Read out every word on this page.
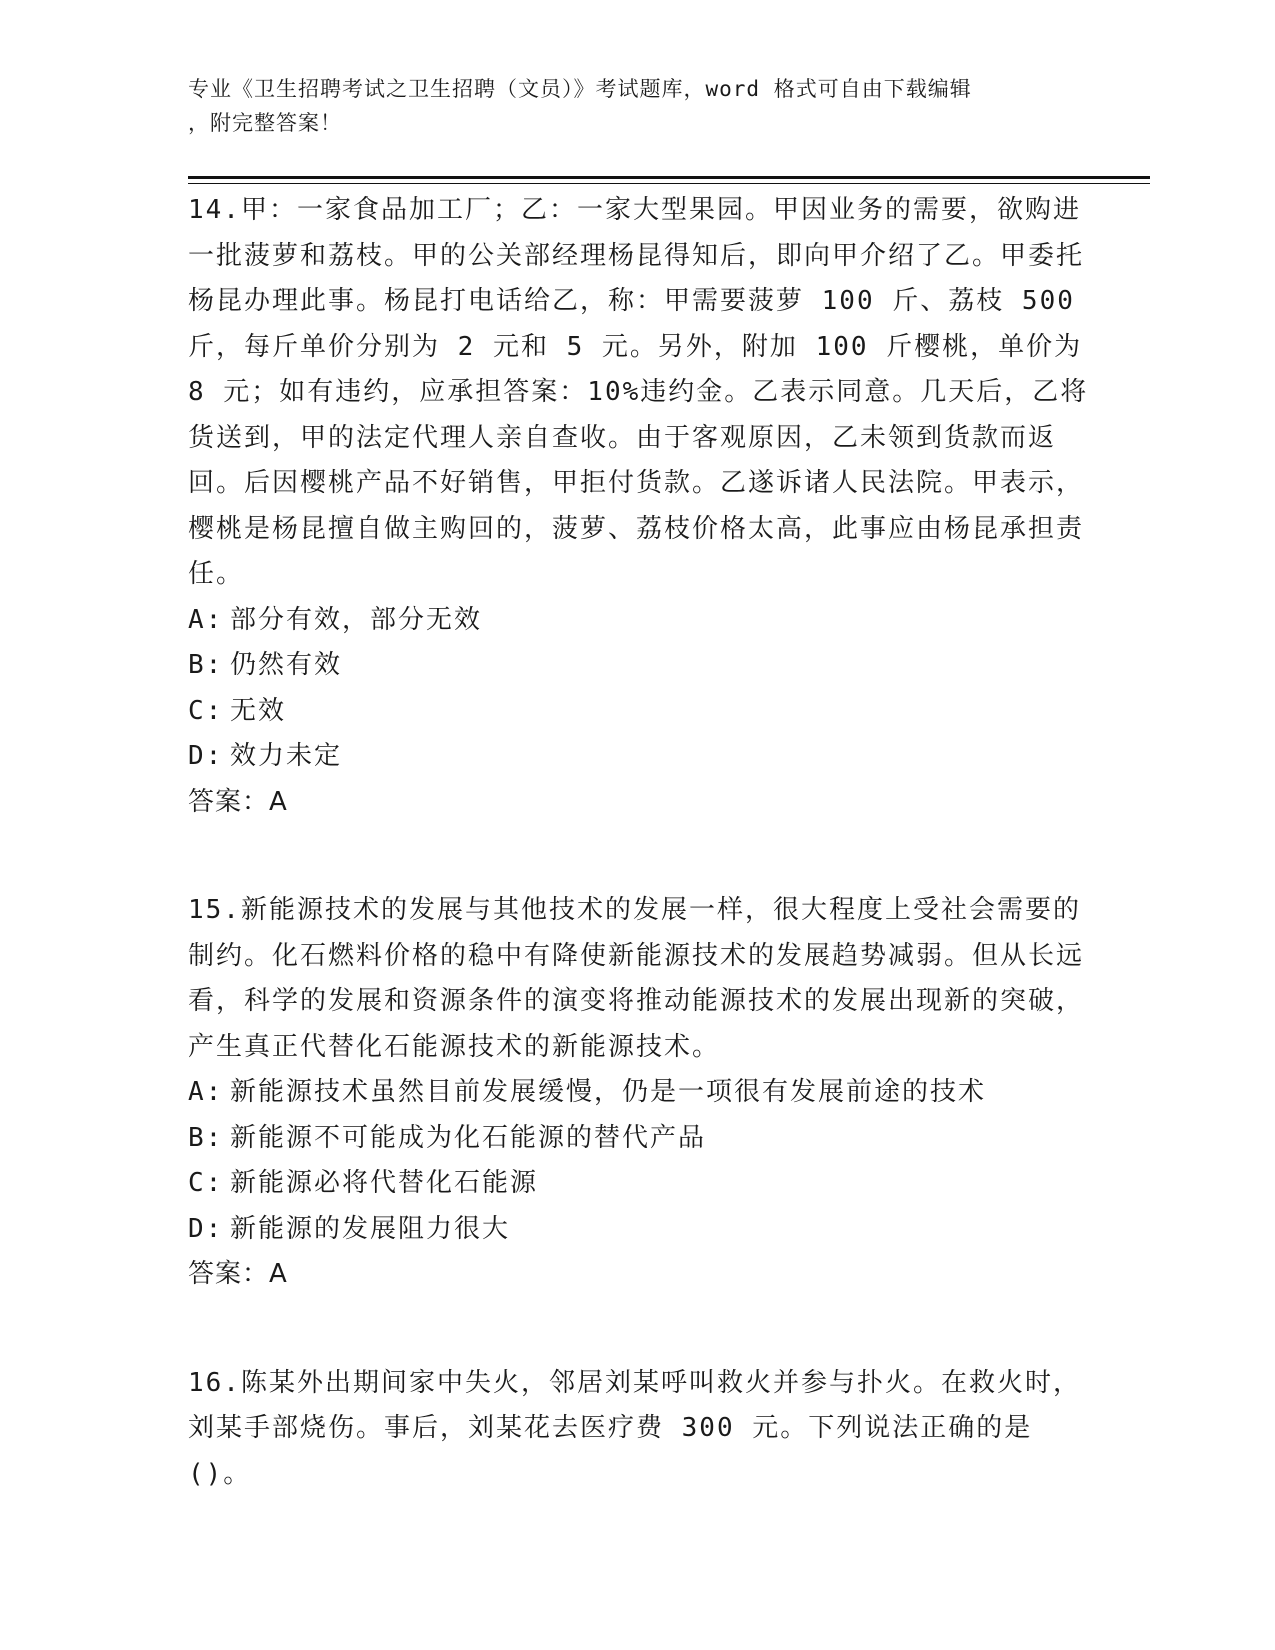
专业《卫生招聘考试之卫生招聘（文员）》考试题库，word 格式可自由下载编辑
，附完整答案！

14.甲：一家食品加工厂；乙：一家大型果园。甲因业务的需要，欲购进一批菠萝和荔枝。甲的公关部经理杨昆得知后，即向甲介绍了乙。甲委托杨昆办理此事。杨昆打电话给乙，称：甲需要菠萝 100 斤、荔枝 500 斤，每斤单价分别为 2 元和 5 元。另外，附加 100 斤樱桃，单价为 8 元；如有违约，应承担答案：10%违约金。乙表示同意。几天后，乙将货送到，甲的法定代理人亲自查收。由于客观原因，乙未领到货款而返回。后因樱桃产品不好销售，甲拒付货款。乙遂诉诸人民法院。甲表示，樱桃是杨昆擅自做主购回的，菠萝、荔枝价格太高，此事应由杨昆承担责任。

A: 部分有效，部分无效

B: 仍然有效

C: 无效

D: 效力未定

答案：A

15.新能源技术的发展与其他技术的发展一样，很大程度上受社会需要的制约。化石燃料价格的稳中有降使新能源技术的发展趋势减弱。但从长远看，科学的发展和资源条件的演变将推动能源技术的发展出现新的突破，产生真正代替化石能源技术的新能源技术。

A: 新能源技术虽然目前发展缓慢，仍是一项很有发展前途的技术

B: 新能源不可能成为化石能源的替代产品

C: 新能源必将代替化石能源

D: 新能源的发展阻力很大

答案：A

16.陈某外出期间家中失火，邻居刘某呼叫救火并参与扑火。在救火时，刘某手部烧伤。事后，刘某花去医疗费 300 元。下列说法正确的是()。
